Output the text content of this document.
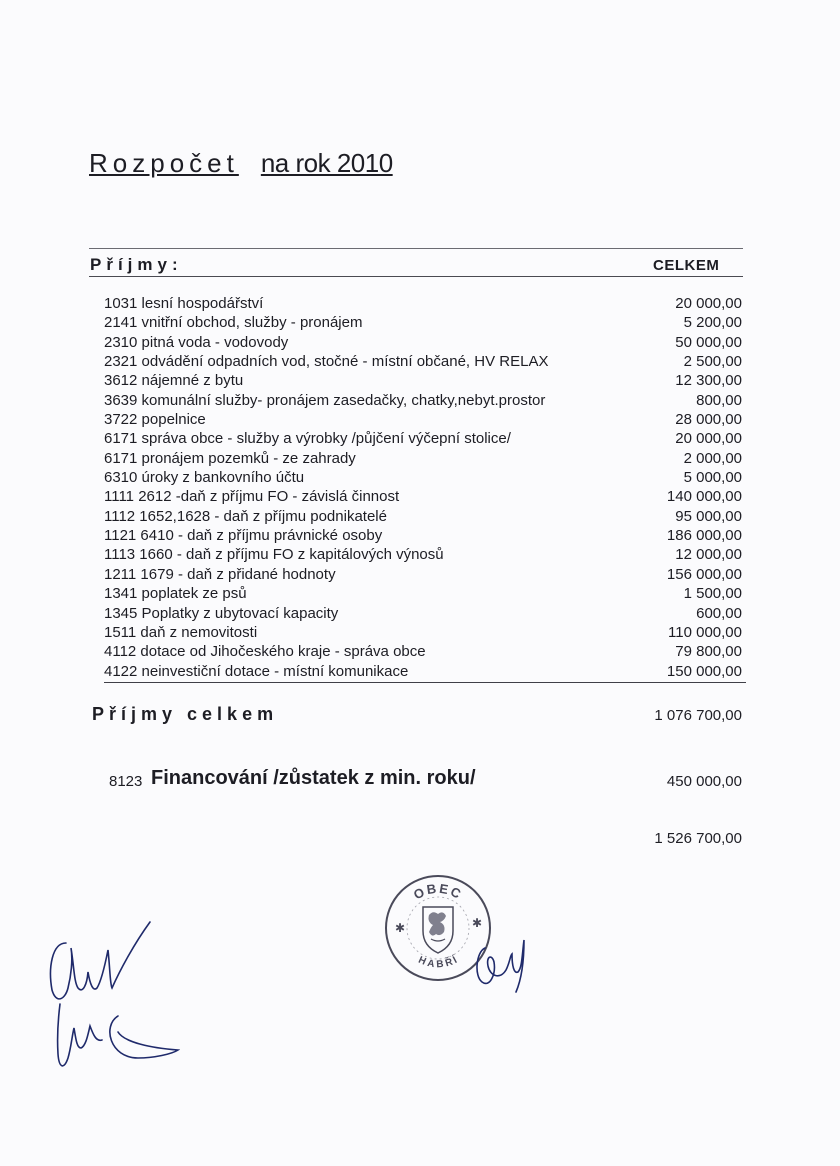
Rozpočet na rok 2010
Příjmy:	CELKEM
1031 lesní hospodářství	20 000,00
2141 vnitřní obchod, služby - pronájem	5 200,00
2310 pitná voda - vodovody	50 000,00
2321 odvádění odpadních vod, stočné - místní občané, HV RELAX	2 500,00
3612 nájemné z bytu	12 300,00
3639 komunální služby- pronájem zasedačky, chatky,nebyt.prostor	800,00
3722 popelnice	28 000,00
6171 správa obce - služby a výrobky /půjčení výčepní stolice/	20 000,00
6171 pronájem pozemků - ze zahrady	2 000,00
6310 úroky z bankovního účtu	5 000,00
1111 2612 -daň z příjmu FO - závislá činnost	140 000,00
1112 1652,1628 - daň z příjmu podnikatelé	95 000,00
1121 6410 - daň z příjmu právnické osoby	186 000,00
1113 1660 - daň z příjmu FO z kapitálových výnosů	12 000,00
1211 1679 - daň z přidané hodnoty	156 000,00
1341 poplatek ze psů	1 500,00
1345 Poplatky z ubytovací kapacity	600,00
1511 daň z nemovitosti	110 000,00
4112 dotace od Jihočeského kraje - správa obce	79 800,00
4122 neinvestiční dotace - místní komunikace	150 000,00
Příjmy celkem	1 076 700,00
8123 Financování /zůstatek z min. roku/	450 000,00
1 526 700,00
OBEC
HABŘÍ
✱	✱
